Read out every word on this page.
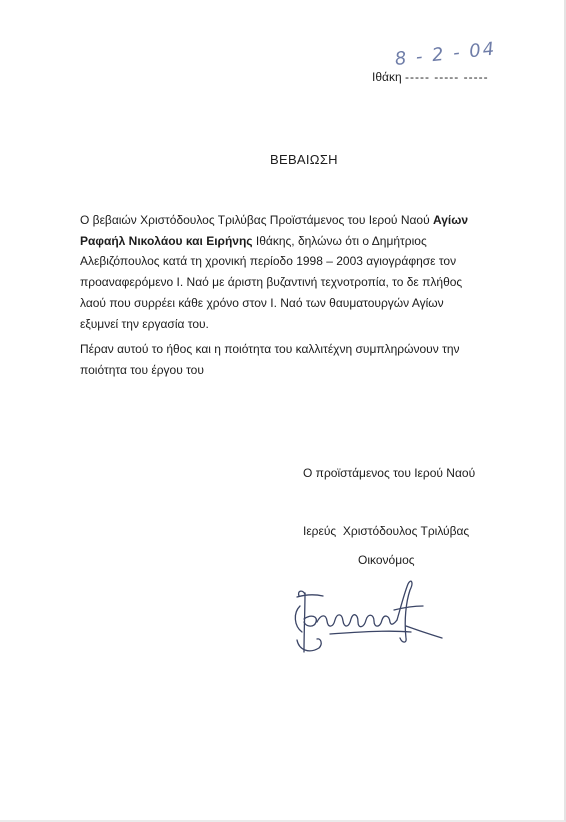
Ιθάκη ----- ----- -----
8 - 2 - 04
ΒΕΒΑΙΩΣΗ
Ο βεβαιών Χριστόδουλος Τριλύβας Προϊστάμενος του Ιερού Ναού Αγίων
Ραφαήλ Νικολάου και Ειρήνης Ιθάκης, δηλώνω ότι ο Δημήτριος
Αλεβιζόπουλος κατά τη χρονική περίοδο 1998 – 2003 αγιογράφησε τον
προαναφερόμενο Ι. Ναό με άριστη βυζαντινή τεχνοτροπία, το δε πλήθος
λαού που συρρέει κάθε χρόνο στον Ι. Ναό των θαυματουργών Αγίων
εξυμνεί την εργασία του.
Πέραν αυτού το ήθος και η ποιότητα του καλλιτέχνη συμπληρώνουν την
ποιότητα του έργου του
Ο προϊστάμενος του Ιερού Ναού
Ιερεύς  Χριστόδουλος Τριλύβας
Οικονόμος
